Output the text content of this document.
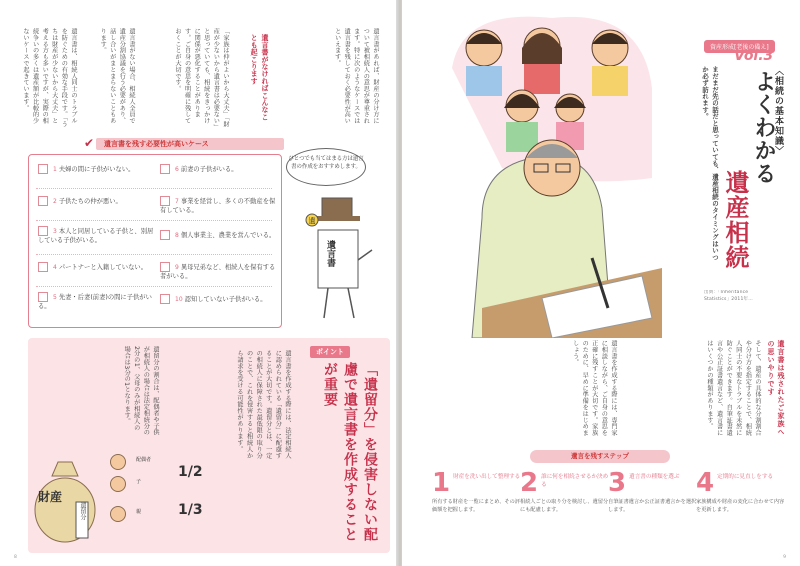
遺言書は、相続人同士のトラブルを防ぐための有効な手段です。「うちは財産が少ないから大丈夫」と考える方も多いですが、実際の相続争いの多くは遺産額が比較的少ないケースで起きています。	遺言書がない場合、相続人全員で遺産分割協議を行う必要があり、話し合いがまとまらないこともあります。	遺言書がなければこんなことも起こります
「家族は仲がよいから大丈夫」「財産が少ないから遺言書は必要ない」と思っていても、相続をきっかけに関係が悪化することがあります。ご自身の意思を明確に残しておくことが大切です。	遺言書があれば、財産の分け方について被相続人の意思が尊重されます。特に次のようなケースでは遺言書を残しておく必要性が高いといえます。
✔	遺言書を残す必要性が高いケース
1 夫婦の間に子供がいない。
2 子供たちの仲が悪い。
3 本人と同居している子供と、別居している子供がいる。
4 パートナーと入籍していない。
5 先妻・后妻(前妻)の間に子供がいる。
6 前妻の子供がいる。
7 事業を経営し、多くの不動産を保有している。
8 個人事業主、農業を営んでいる。
9 異母兄弟など、相続人を保有する者がいる。
10 認知していない子供がいる。
ひとつでも当てはまる方は遺言書の作成をおすすめします。
遺
遺言書
ポイント
「遺留分」を侵害しない配慮で遺言書を作成することが重要
遺言書を作成する際には、法定相続人に認められている「遺留分」に配慮することが大切です。遺留分とは、一定の相続人に保障された最低限の取り分のことで、これを侵害すると相続人から請求を受ける可能性があります。
遺留分の割合は、配偶者や子供が相続人の場合は法定相続分の2分の1、父母のみが相続人の場合は3分の1となります。
財産
遺留分
配偶者
子
親
1/2
1/3
8
資産形成[老後の備え]
Vol.3
〈相続の基本知識〉
よくわかる
遺産相続
まだまだ先の話だと思っていても、遺産相続のタイミングはいつか必ず訪れます。
出典：「Inheritance Statistics」2011年…
遺言書は残されたご家族への思いやりです
そして、遺産の具体的な分割割合や分け方を指定することで、相続人同士の不要なトラブルを未然に防ぐことができます。自筆証書遺言や公正証書遺言など、遺言書にはいくつかの種類があります。
遺言書を作成する際には、専門家に相談しながら、ご自身の意思を正確に残すことが大切です。家族のために、早めに準備をはじめましょう。
遺言を残すステップ
1 財産を洗い出して整理する
所有する財産を一覧にまとめ、その評価額を把握します。
2 誰に何を相続させるか決める
相続人ごとの取り分を検討し、遺留分にも配慮します。
3 遺言書の種類を選ぶ
自筆証書遺言か公正証書遺言かを選択します。
4 定期的に見直しをする
家族構成や財産の変化に合わせて内容を更新します。
9
